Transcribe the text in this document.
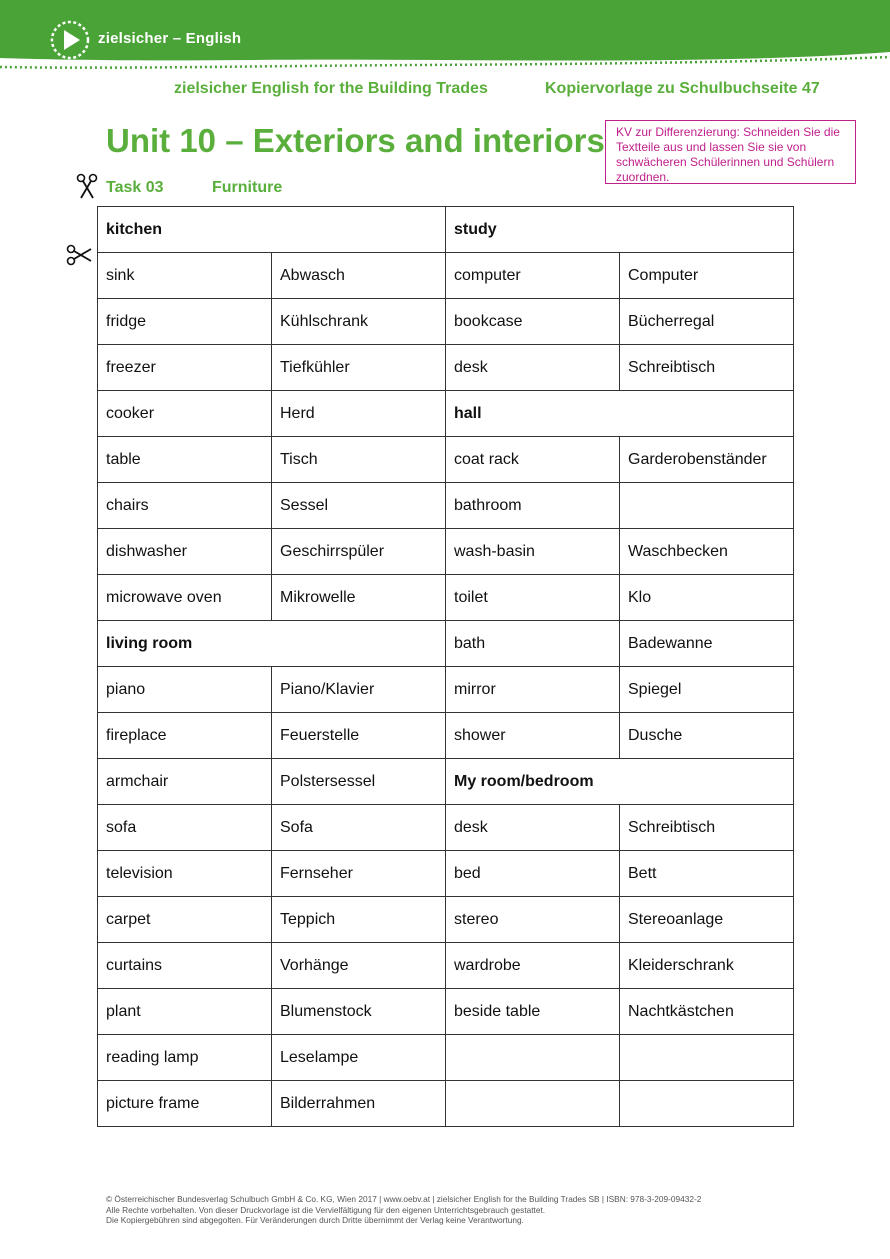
zielsicher – English
zielsicher English for the Building Trades	Kopiervorlage zu Schulbuchseite 47
Unit 10 – Exteriors and interiors
Task 03	Furniture
KV zur Differenzierung: Schneiden Sie die Textteile aus und lassen Sie sie von schwächeren Schülerinnen und Schülern zuordnen.
kitchen		study	
sink	Abwasch	computer	Computer
fridge	Kühlschrank	bookcase	Bücherregal
freezer	Tiefkühler	desk	Schreibtisch
cooker	Herd	hall	
table	Tisch	coat rack	Garderobenständer
chairs	Sessel	bathroom	
dishwasher	Geschirrspüler	wash-basin	Waschbecken
microwave oven	Mikrowelle	toilet	Klo
living room		bath	Badewanne
piano	Piano/Klavier	mirror	Spiegel
fireplace	Feuerstelle	shower	Dusche
armchair	Polstersessel	My room/bedroom	
sofa	Sofa	desk	Schreibtisch
television	Fernseher	bed	Bett
carpet	Teppich	stereo	Stereoanlage
curtains	Vorhänge	wardrobe	Kleiderschrank
plant	Blumenstock	beside table	Nachtkästchen
reading lamp	Leselampe		
picture frame	Bilderrahmen		
© Österreichischer Bundesverlag Schulbuch GmbH & Co. KG, Wien 2017 | www.oebv.at | zielsicher English for the Building Trades SB | ISBN: 978-3-209-09432-2
Alle Rechte vorbehalten. Von dieser Druckvorlage ist die Vervielfältigung für den eigenen Unterrichtsgebrauch gestattet.
Die Kopiergebühren sind abgegolten. Für Veränderungen durch Dritte übernimmt der Verlag keine Verantwortung.
